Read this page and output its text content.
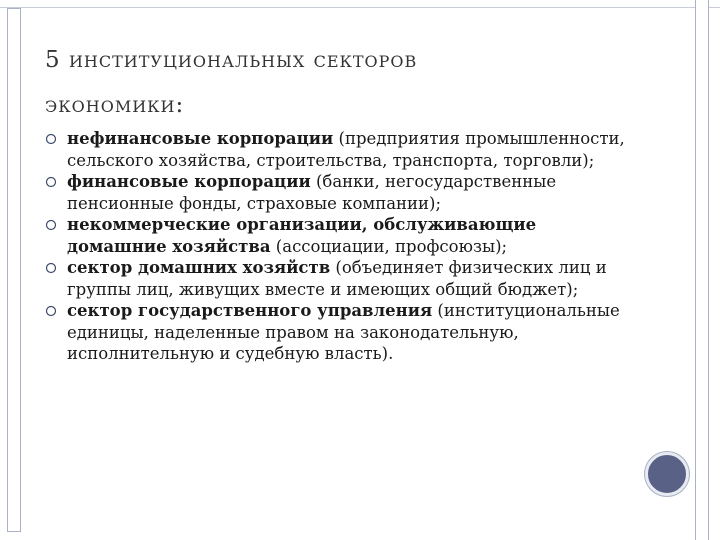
5 институциональных секторов
экономики:
нефинансовые корпорации (предприятия промышленности, сельского хозяйства, строительства, транспорта, торговли);
финансовые корпорации (банки, негосударственные пенсионные фонды, страховые компании);
некоммерческие организации, обслуживающие домашние хозяйства (ассоциации, профсоюзы);
сектор домашних хозяйств (объединяет физических лиц и группы лиц, живущих вместе и имеющих общий бюджет);
сектор государственного управления (институциональные единицы, наделенные правом на законодательную, исполнительную и судебную власть).
